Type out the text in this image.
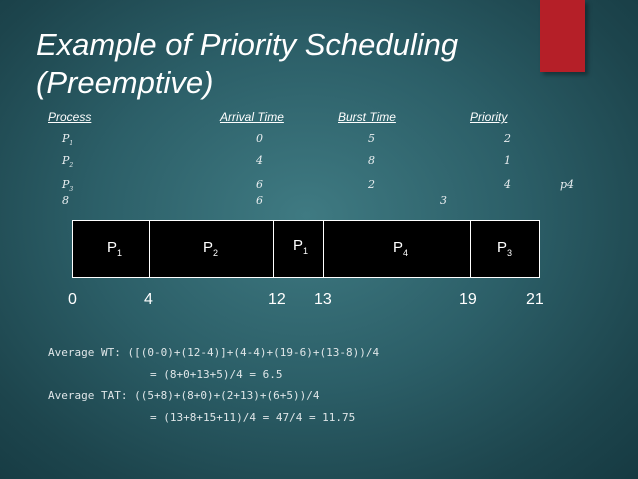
Example of Priority Scheduling
(Preemptive)
Process	Arrival Time	Burst Time	Priority
$P_1$	0	5	2
$P_2$	4	8	1
$P_3$	6	2	4	p4
8	6	3
$P_1$	$P_2$	$P_1$	$P_4$	$P_3$
0	4	12 13	19	21
Average WT: ([(0-0)+(12-4)]+(4-4)+(19-6)+(13-8))/4
= (8+0+13+5)/4 = 6.5
Average TAT: ((5+8)+(8+0)+(2+13)+(6+5))/4
= (13+8+15+11)/4 = 47/4 = 11.75
